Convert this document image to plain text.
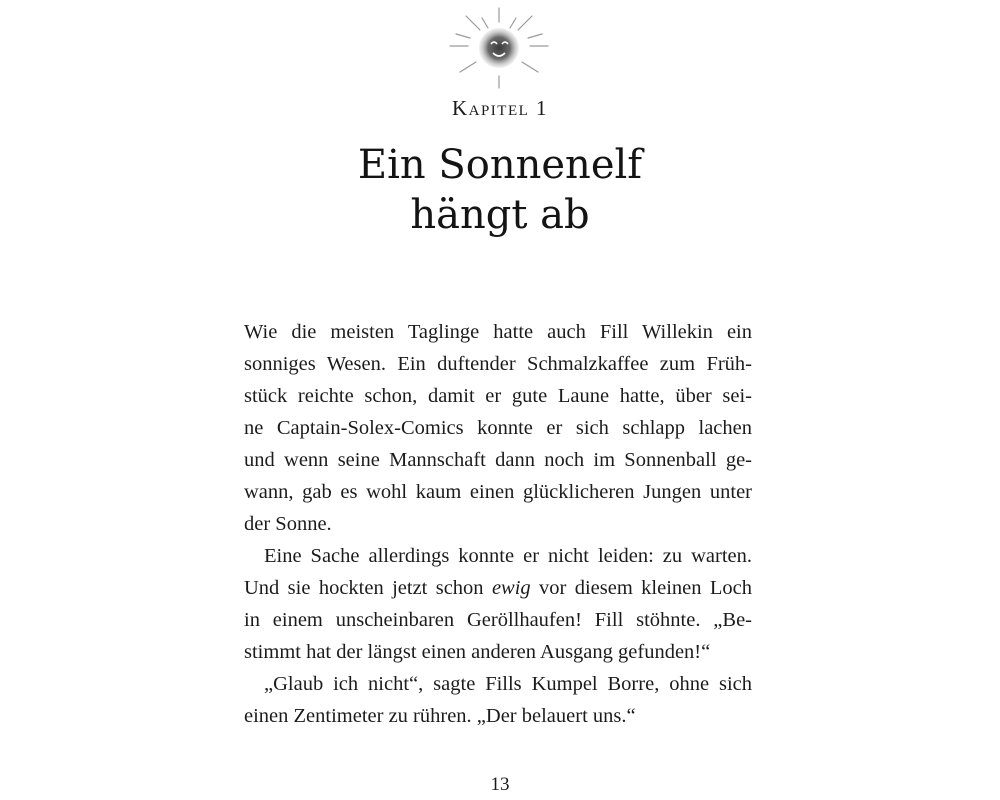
Kapitel 1
Ein Sonnenelf
hängt ab
Wie die meisten Taglinge hatte auch Fill Willekin ein
sonniges Wesen. Ein duftender Schmalzkaffee zum Früh-
stück reichte schon, damit er gute Laune hatte, über sei-
ne Captain-Solex-Comics konnte er sich schlapp lachen
und wenn seine Mannschaft dann noch im Sonnenball ge-
wann, gab es wohl kaum einen glücklicheren Jungen unter
der Sonne.
Eine Sache allerdings konnte er nicht leiden: zu warten.
Und sie hockten jetzt schon ewig vor diesem kleinen Loch
in einem unscheinbaren Geröllhaufen! Fill stöhnte. „Be-
stimmt hat der längst einen anderen Ausgang gefunden!“
„Glaub ich nicht“, sagte Fills Kumpel Borre, ohne sich
einen Zentimeter zu rühren. „Der belauert uns.“
13
